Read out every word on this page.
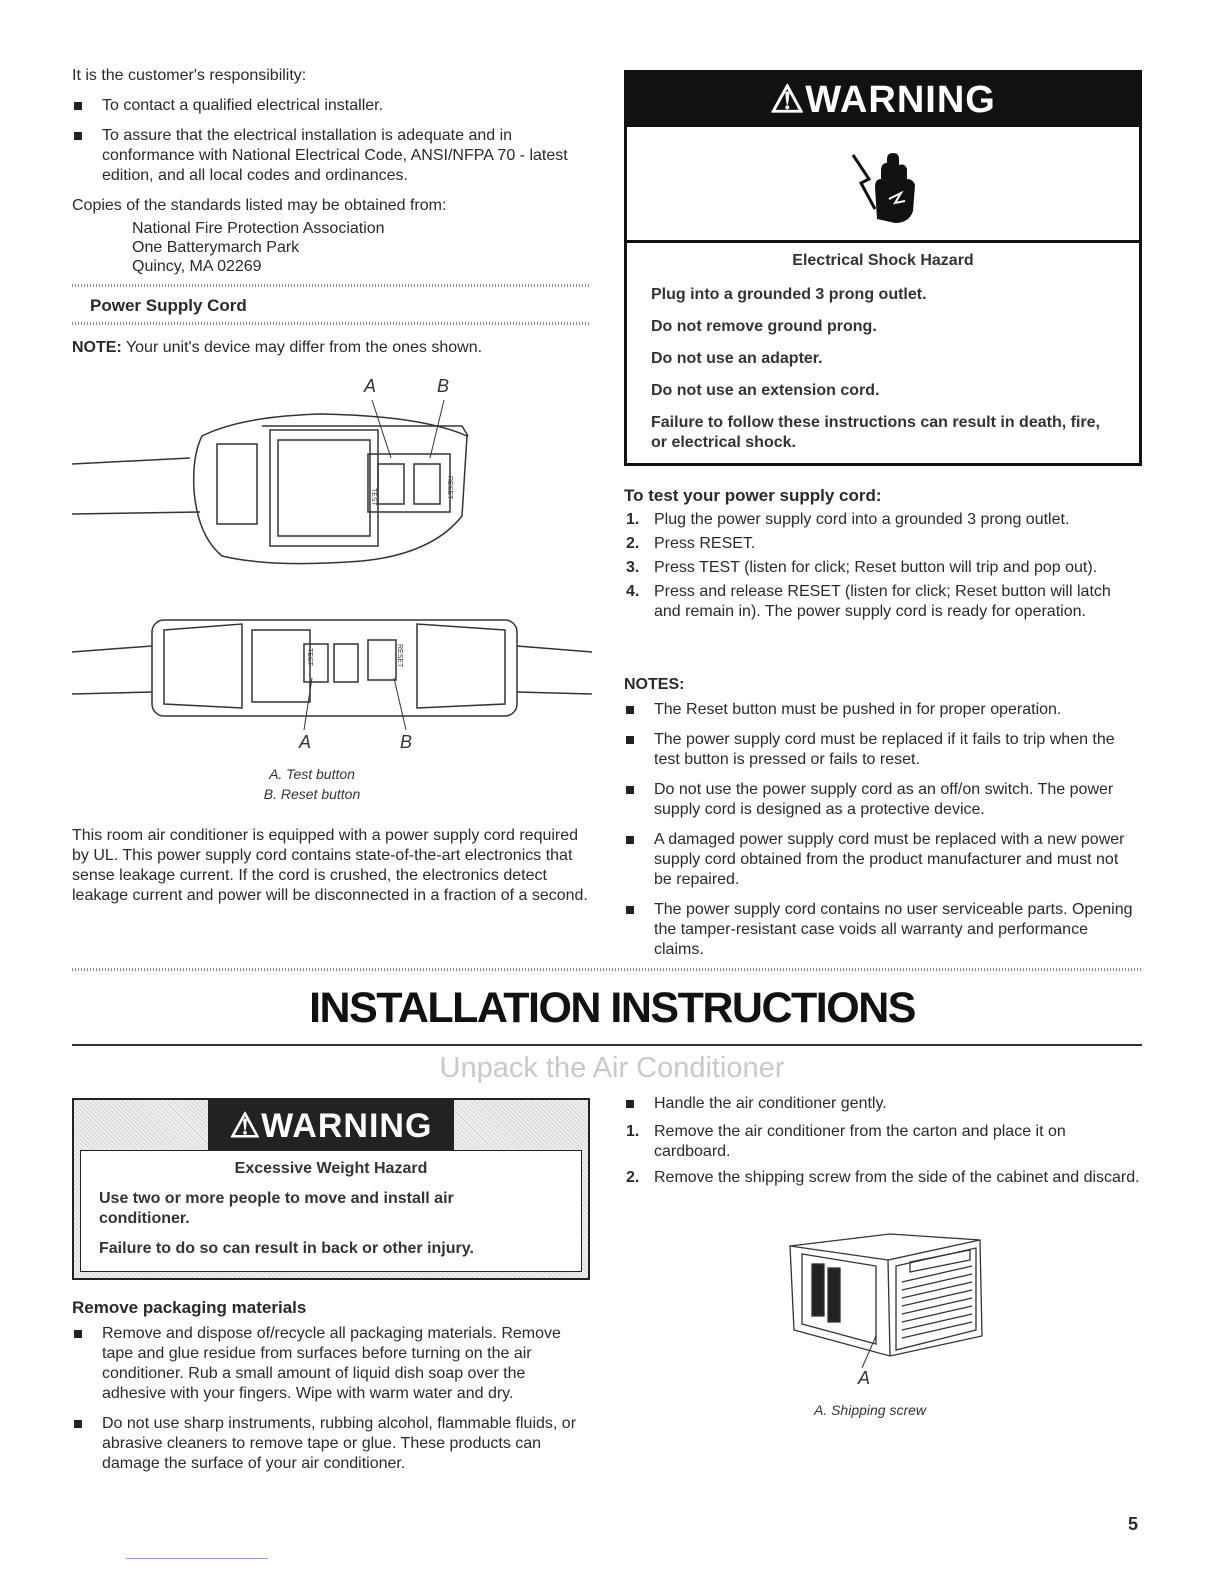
It is the customer's responsibility:
To contact a qualified electrical installer.
To assure that the electrical installation is adequate and in conformance with National Electrical Code, ANSI/NFPA 70 - latest edition, and all local codes and ordinances.
Copies of the standards listed may be obtained from:
National Fire Protection Association
One Batterymarch Park
Quincy, MA 02269
Power Supply Cord
NOTE: Your unit's device may differ from the ones shown.
A	B
TEST	RESET
TEST	RESET
A	B
A. Test button
B. Reset button
This room air conditioner is equipped with a power supply cord required by UL. This power supply cord contains state-of-the-art electronics that sense leakage current. If the cord is crushed, the electronics detect leakage current and power will be disconnected in a fraction of a second.
⚠WARNING

Electrical Shock Hazard

Plug into a grounded 3 prong outlet.

Do not remove ground prong.

Do not use an adapter.

Do not use an extension cord.

Failure to follow these instructions can result in death, fire, or electrical shock.

To test your power supply cord:
1. Plug the power supply cord into a grounded 3 prong outlet.
2. Press RESET.
3. Press TEST (listen for click; Reset button will trip and pop out).
4. Press and release RESET (listen for click; Reset button will latch and remain in). The power supply cord is ready for operation.
NOTES:
The Reset button must be pushed in for proper operation.
The power supply cord must be replaced if it fails to trip when the test button is pressed or fails to reset.
Do not use the power supply cord as an off/on switch. The power supply cord is designed as a protective device.
A damaged power supply cord must be replaced with a new power supply cord obtained from the product manufacturer and must not be repaired.
The power supply cord contains no user serviceable parts. Opening the tamper-resistant case voids all warranty and performance claims.
INSTALLATION INSTRUCTIONS
Unpack the Air Conditioner
⚠WARNING

Excessive Weight Hazard

Use two or more people to move and install air conditioner.

Failure to do so can result in back or other injury.

Remove packaging materials
Remove and dispose of/recycle all packaging materials. Remove tape and glue residue from surfaces before turning on the air conditioner. Rub a small amount of liquid dish soap over the adhesive with your fingers. Wipe with warm water and dry.
Do not use sharp instruments, rubbing alcohol, flammable fluids, or abrasive cleaners to remove tape or glue. These products can damage the surface of your air conditioner.
Handle the air conditioner gently.
1. Remove the air conditioner from the carton and place it on cardboard.
2. Remove the shipping screw from the side of the cabinet and discard.
A
A. Shipping screw
5
